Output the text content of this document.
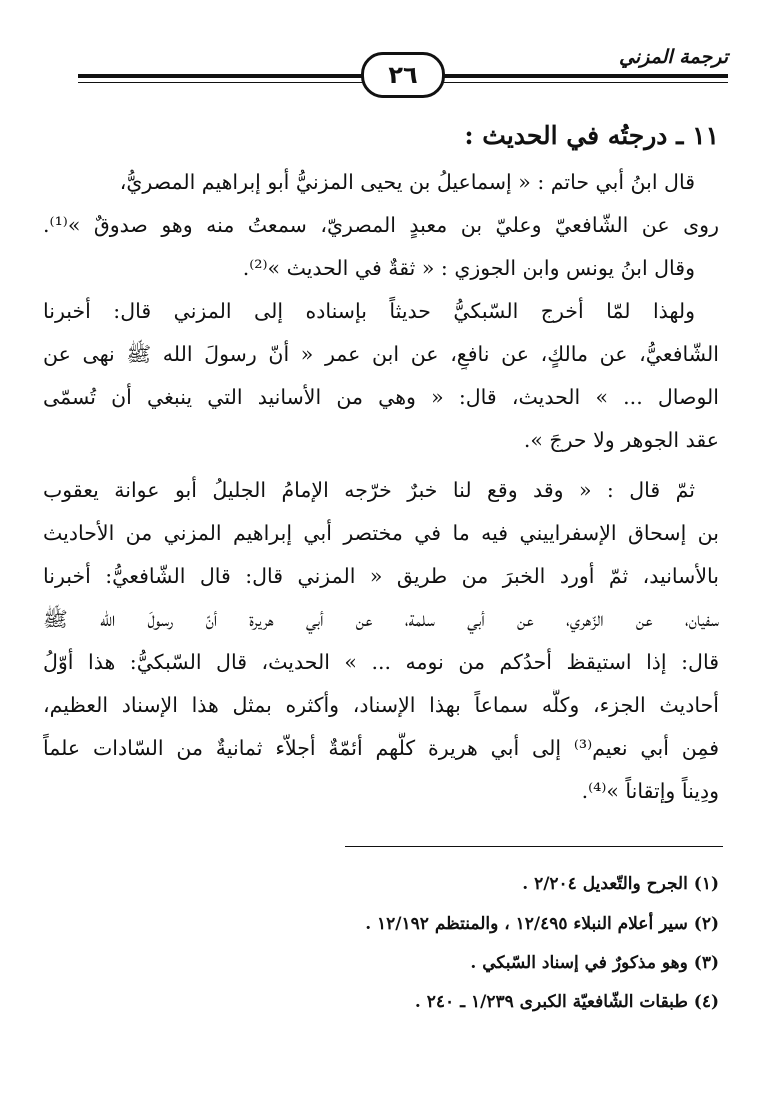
ترجمة المزني
٢٦
١١ ـ درجتُه في الحديث :
قال ابنُ أبي حاتم : « إسماعيلُ بن يحيى المزنيُّ أبو إبراهيم المصريُّ،
روى عن الشّافعيّ وعليّ بن معبدٍ المصريّ، سمعتُ منه وهو صدوقٌ »⁽¹⁾.
وقال ابنُ يونس وابن الجوزي : « ثقةٌ في الحديث »⁽²⁾.
ولهذا لمّا أخرج السّبكيُّ حديثاً بإسناده إلى المزني قال: أخبرنا
الشّافعيُّ، عن مالكٍ، عن نافعٍ، عن ابن عمر « أنّ رسولَ الله ﷺ نهى عن
الوصال ... » الحديث، قال: « وهي من الأسانيد التي ينبغي أن تُسمّى
عقد الجوهر ولا حرجَ ».
ثمّ قال : « وقد وقع لنا خبرٌ خرّجه الإمامُ الجليلُ أبو عوانة يعقوب
بن إسحاق الإسفراييني فيه ما في مختصر أبي إبراهيم المزني من الأحاديث
بالأسانيد، ثمّ أورد الخبرَ من طريق « المزني قال: قال الشّافعيُّ: أخبرنا
سفيان، عن الزّهري، عن أبي سلمة، عن أبي هريرة أنّ رسولَ الله ﷺ
قال: إذا استيقظ أحدُكم من نومه ... » الحديث، قال السّبكيُّ: هذا أوّلُ
أحاديث الجزء، وكلُّه سماعاً بهذا الإسناد، وأكثره بمثل هذا الإسناد العظيم،
فمِن أبي نعيم⁽³⁾ إلى أبي هريرة كلُّهم أئمّةٌ أجلاّء ثمانيةٌ من السّادات علماً
ودِيناً وإتقاناً »⁽⁴⁾.
(١) الجرح والتّعديل ٢/٢٠٤ .
(٢) سير أعلام النبلاء ١٢/٤٩٥ ، والمنتظم ١٢/١٩٢ .
(٣) وهو مذكورٌ في إسناد السّبكي .
(٤) طبقات الشّافعيّة الكبرى ١/٢٣٩ ـ ٢٤٠ .
